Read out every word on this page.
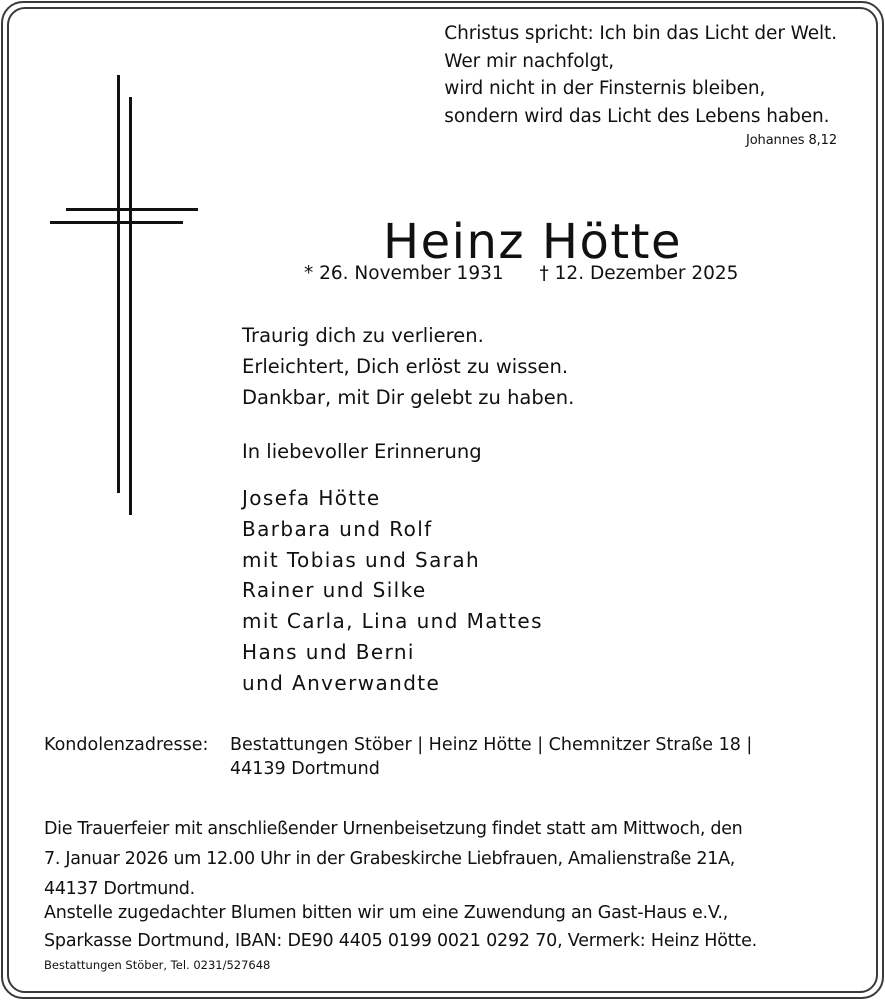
Christus spricht: Ich bin das Licht der Welt.
Wer mir nachfolgt,
wird nicht in der Finsternis bleiben,
sondern wird das Licht des Lebens haben.
Johannes 8,12
Heinz Hötte
* 26. November 1931 † 12. Dezember 2025
Traurig dich zu verlieren.
Erleichtert, Dich erlöst zu wissen.
Dankbar, mit Dir gelebt zu haben.
In liebevoller Erinnerung
Josefa Hötte
Barbara und Rolf
mit Tobias und Sarah
Rainer und Silke
mit Carla, Lina und Mattes
Hans und Berni
und Anverwandte
Kondolenzadresse: Bestattungen Stöber | Heinz Hötte | Chemnitzer Straße 18 |
44139 Dortmund
Die Trauerfeier mit anschließender Urnenbeisetzung findet statt am Mittwoch, den
7. Januar 2026 um 12.00 Uhr in der Grabeskirche Liebfrauen, Amalienstraße 21A,
44137 Dortmund.
Anstelle zugedachter Blumen bitten wir um eine Zuwendung an Gast-Haus e.V.,
Sparkasse Dortmund, IBAN: DE90 4405 0199 0021 0292 70, Vermerk: Heinz Hötte.
Bestattungen Stöber, Tel. 0231/527648
